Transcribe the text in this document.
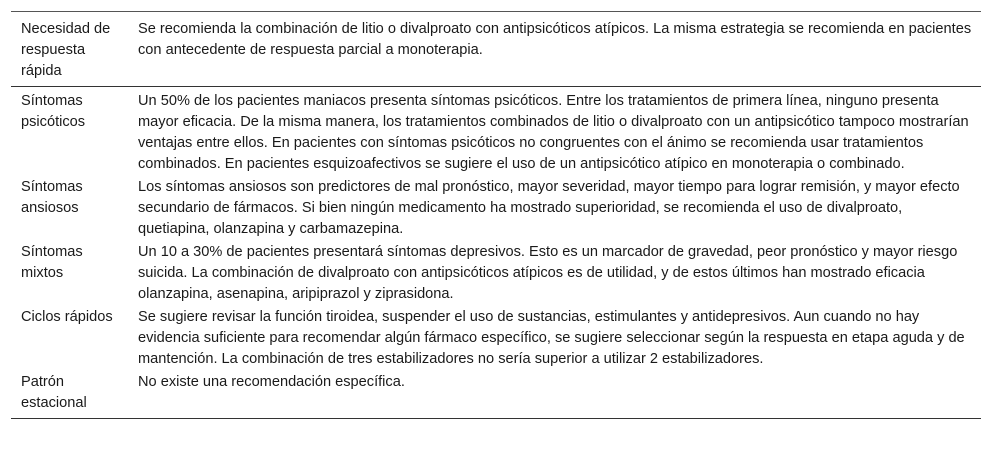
Necesidad de respuesta rápida	Se recomienda la combinación de litio o divalproato con antipsicóticos atípicos. La misma estrategia se recomienda en pacientes con antecedente de respuesta parcial a monoterapia.
Síntomas psicóticos	Un 50% de los pacientes maniacos presenta síntomas psicóticos. Entre los tratamientos de primera línea, ninguno presenta mayor eficacia. De la misma manera, los tratamientos combinados de litio o divalproato con un antipsicótico tampoco mostrarían ventajas entre ellos. En pacientes con síntomas psicóticos no congruentes con el ánimo se recomienda usar tratamientos combinados. En pacientes esquizoafectivos se sugiere el uso de un antipsicótico atípico en monoterapia o combinado.
Síntomas ansiosos	Los síntomas ansiosos son predictores de mal pronóstico, mayor severidad, mayor tiempo para lograr remisión, y mayor efecto secundario de fármacos. Si bien ningún medicamento ha mostrado superioridad, se recomienda el uso de divalproato, quetiapina, olanzapina y carbamazepina.
Síntomas mixtos	Un 10 a 30% de pacientes presentará síntomas depresivos. Esto es un marcador de gravedad, peor pronóstico y mayor riesgo suicida. La combinación de divalproato con antipsicóticos atípicos es de utilidad, y de estos últimos han mostrado eficacia olanzapina, asenapina, aripiprazol y ziprasidona.
Ciclos rápidos	Se sugiere revisar la función tiroidea, suspender el uso de sustancias, estimulantes y antidepresivos. Aun cuando no hay evidencia suficiente para recomendar algún fármaco específico, se sugiere seleccionar según la respuesta en etapa aguda y de mantención. La combinación de tres estabilizadores no sería superior a utilizar 2 estabilizadores.
Patrón estacional	No existe una recomendación específica.
